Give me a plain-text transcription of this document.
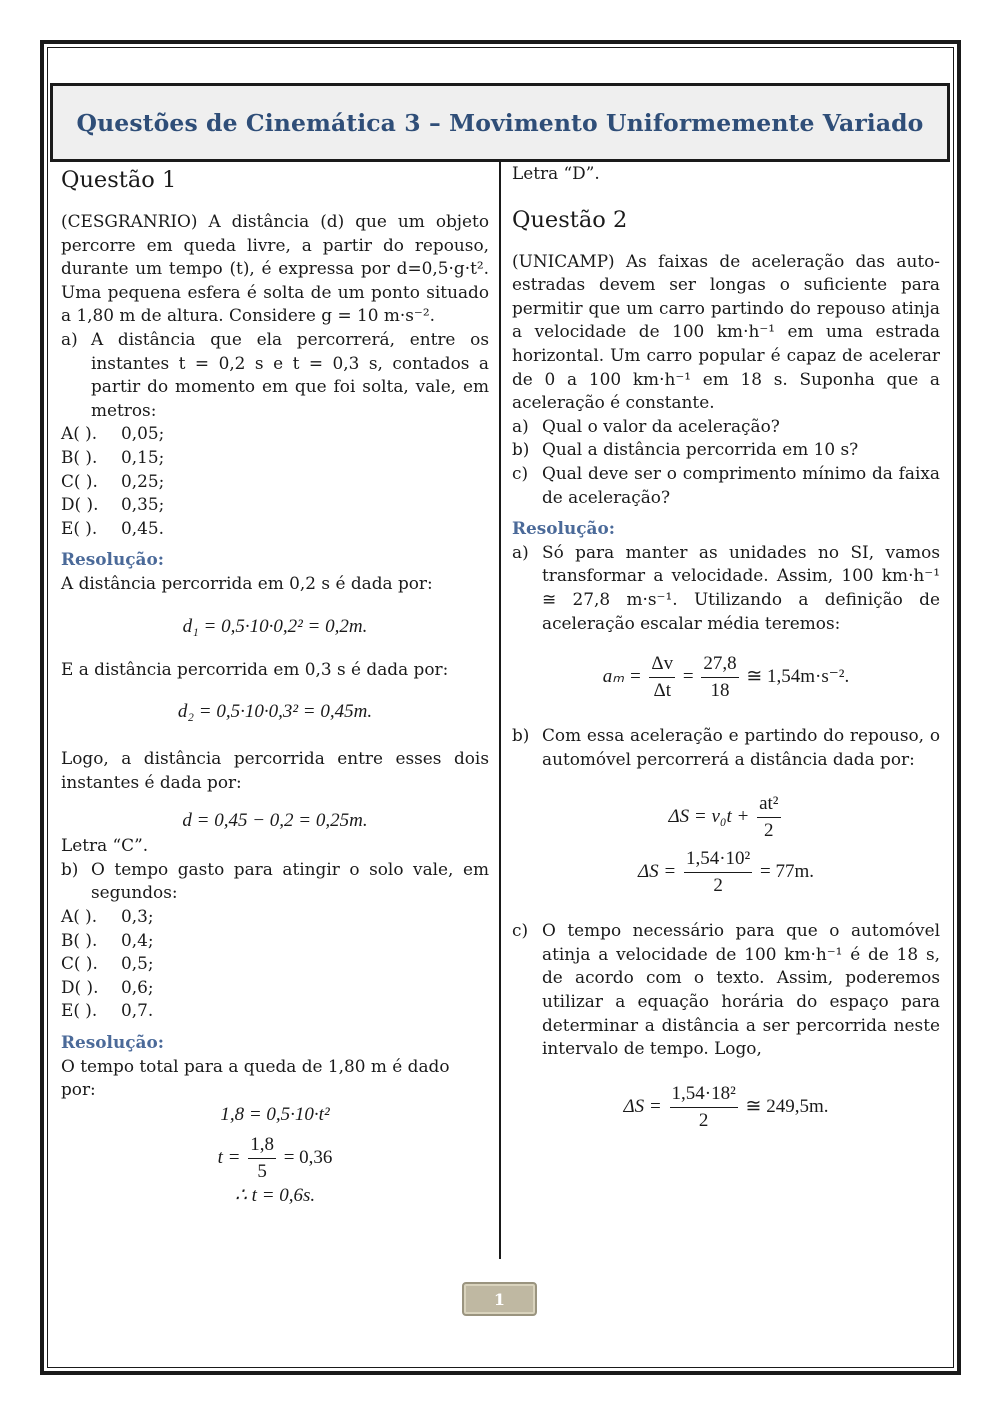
Questões de Cinemática 3 – Movimento Uniformemente Variado
Questão 1
(CESGRANRIO) A distância (d) que um objeto percorre em queda livre, a partir do repouso, durante um tempo (t), é expressa por d=0,5·g·t². Uma pequena esfera é solta de um ponto situado a 1,80 m de altura. Considere g = 10 m·s⁻².
a) A distância que ela percorrerá, entre os instantes t = 0,2 s e t = 0,3 s, contados a partir do momento em que foi solta, vale, em metros:
A( ).	0,05;
B( ).	0,15;
C( ).	0,25;
D( ).	0,35;
E( ).	0,45.
Resolução:
A distância percorrida em 0,2 s é dada por:
d₁ = 0,5·10·0,2² = 0,2m.
E a distância percorrida em 0,3 s é dada por:
d₂ = 0,5·10·0,3² = 0,45m.
Logo, a distância percorrida entre esses dois instantes é dada por:
d = 0,45 − 0,2 = 0,25m.
Letra “C”.
b) O tempo gasto para atingir o solo vale, em segundos:
A( ).	0,3;
B( ).	0,4;
C( ).	0,5;
D( ).	0,6;
E( ).	0,7.
Resolução:
O tempo total para a queda de 1,80 m é dado por:
1,8 = 0,5·10·t²
$t = \frac{1,8}{5} = 0,36$
∴ t = 0,6s.
Letra “D”.
Questão 2
(UNICAMP) As faixas de aceleração das auto-estradas devem ser longas o suficiente para permitir que um carro partindo do repouso atinja a velocidade de 100 km·h⁻¹ em uma estrada horizontal. Um carro popular é capaz de acelerar de 0 a 100 km·h⁻¹ em 18 s. Suponha que a aceleração é constante.
a) Qual o valor da aceleração?
b) Qual a distância percorrida em 10 s?
c) Qual deve ser o comprimento mínimo da faixa de aceleração?
Resolução:
a) Só para manter as unidades no SI, vamos transformar a velocidade. Assim, 100 km·h⁻¹ ≅ 27,8 m·s⁻¹. Utilizando a definição de aceleração escalar média teremos:
$a_m = \frac{\Delta v}{\Delta t} = \frac{27,8}{18}$ ≅ 1,54m·s⁻².
b) Com essa aceleração e partindo do repouso, o automóvel percorrerá a distância dada por:
$\Delta S = v_0t + \frac{\text{at²}}{2}$
$\Delta S = \frac{\text{1,54·10²}}{2} = 77m$.
c) O tempo necessário para que o automóvel atinja a velocidade de 100 km·h⁻¹ é de 18 s, de acordo com o texto. Assim, poderemos utilizar a equação horária do espaço para determinar a distância a ser percorrida neste intervalo de tempo. Logo,
$\Delta S = \frac{\text{1,54·18²}}{2}$ ≅ 249,5m.
1
